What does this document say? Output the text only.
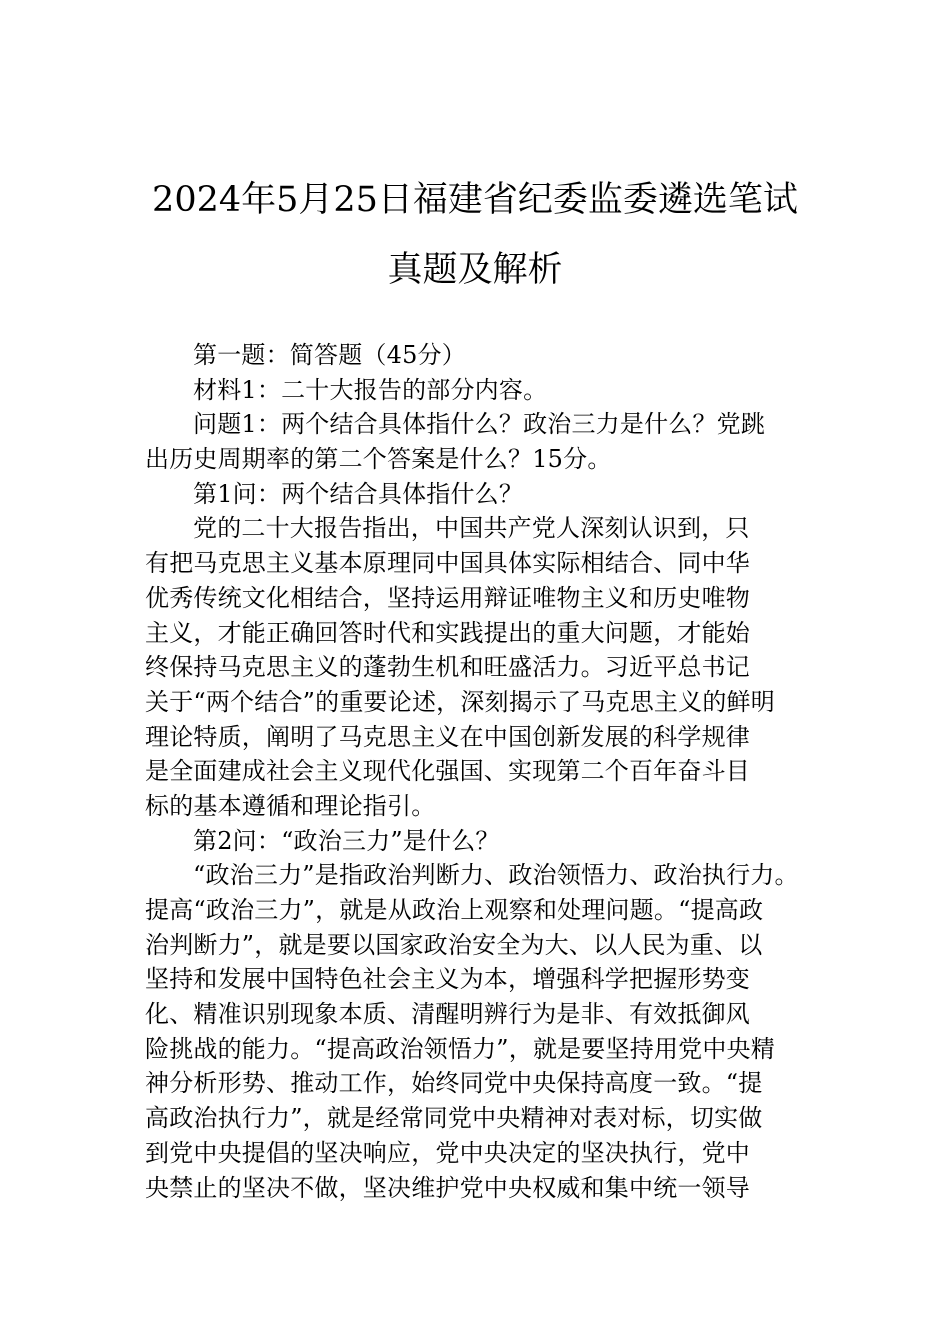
2024年5月25日福建省纪委监委遴选笔试
真题及解析
第一题：简答题（45分）
材料1：二十大报告的部分内容。
问题1：两个结合具体指什么？政治三力是什么？党跳
出历史周期率的第二个答案是什么？15分。
第1问：两个结合具体指什么？
党的二十大报告指出，中国共产党人深刻认识到，只
有把马克思主义基本原理同中国具体实际相结合、同中华
优秀传统文化相结合，坚持运用辩证唯物主义和历史唯物
主义，才能正确回答时代和实践提出的重大问题，才能始
终保持马克思主义的蓬勃生机和旺盛活力。习近平总书记
关于“两个结合”的重要论述，深刻揭示了马克思主义的鲜明
理论特质，阐明了马克思主义在中国创新发展的科学规律
是全面建成社会主义现代化强国、实现第二个百年奋斗目
标的基本遵循和理论指引。
第2问：“政治三力”是什么？
“政治三力”是指政治判断力、政治领悟力、政治执行力。
提高“政治三力”，就是从政治上观察和处理问题。“提高政
治判断力”，就是要以国家政治安全为大、以人民为重、以
坚持和发展中国特色社会主义为本，增强科学把握形势变
化、精准识别现象本质、清醒明辨行为是非、有效抵御风
险挑战的能力。“提高政治领悟力”，就是要坚持用党中央精
神分析形势、推动工作，始终同党中央保持高度一致。“提
高政治执行力”，就是经常同党中央精神对表对标，切实做
到党中央提倡的坚决响应，党中央决定的坚决执行，党中
央禁止的坚决不做，坚决维护党中央权威和集中统一领导
